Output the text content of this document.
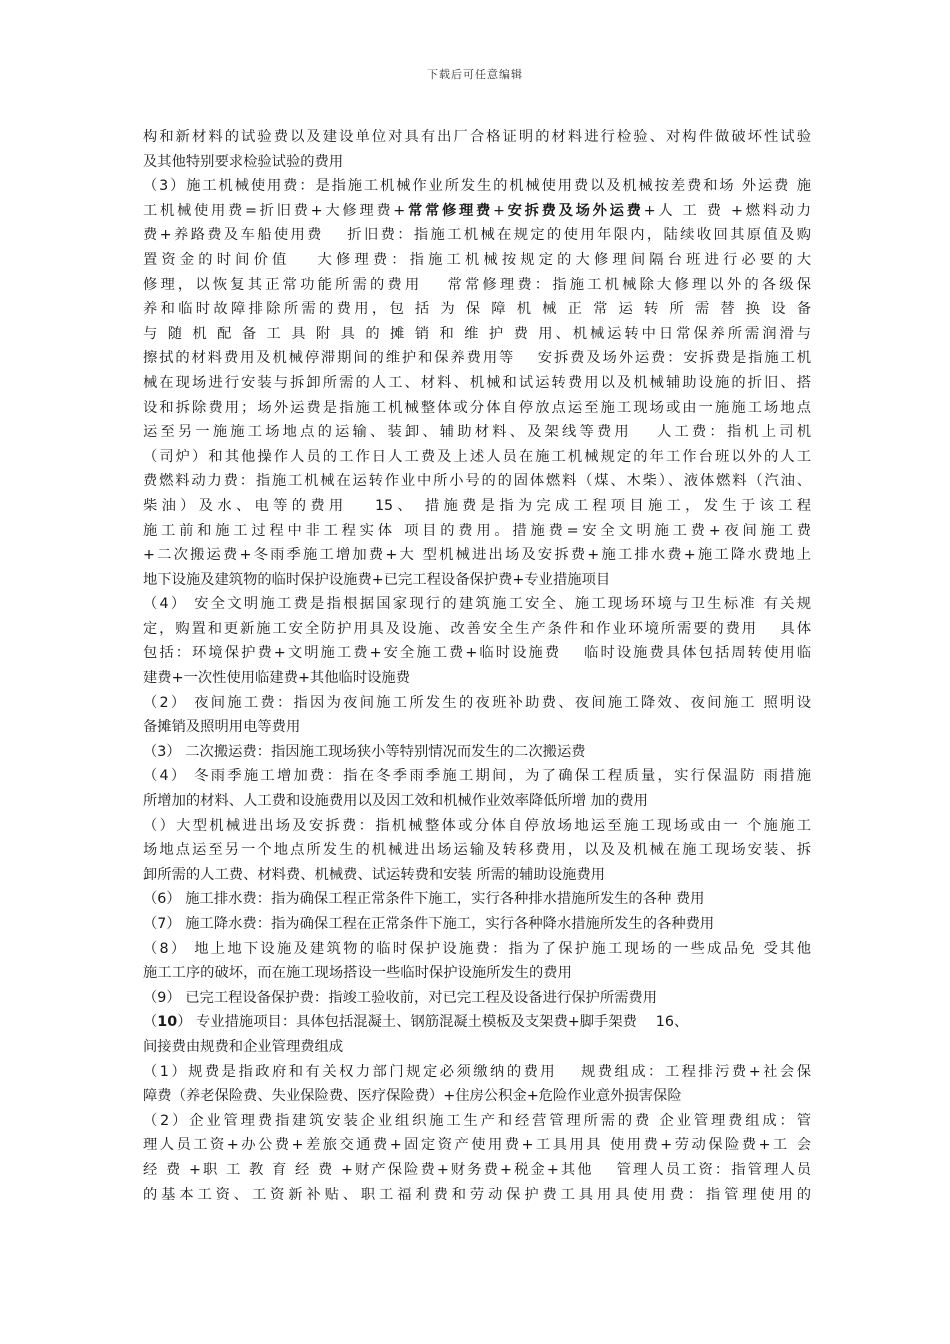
下载后可任意编辑
构和新材料的试验费以及建设单位对具有出厂合格证明的材料进行检验、对构件做破坏性试验
及其他特别要求检验试验的费用
（3）施工机械使用费：是指施工机械作业所发生的机械使用费以及机械按差费和场 外运费 施
工机械使用费=折旧费+大修理费+常常修理费+安拆费及场外运费+人 工 费 +燃料动力
费+养路费及车船使用费 　折旧费：指施工机械在规定的使用年限内，陆续收回其原值及购
置资金的时间价值 　大修理费：指施工机械按规定的大修理间隔台班进行必要的大
修理，以恢复其正常功能所需的费用 　常常修理费：指施工机械除大修理以外的各级保
养和临时故障排除所需的费用，包 括 为 保 障 机 械 正 常 运 转 所 需 替 换 设 备
与 随 机 配 备 工 具 附 具 的 摊 销 和 维 护 费 用、机械运转中日常保养所需润滑与
擦拭的材料费用及机械停滞期间的维护和保养费用等 　安拆费及场外运费：安拆费是指施工机
械在现场进行安装与拆卸所需的人工、材料、机械和试运转费用以及机械辅助设施的折旧、搭
设和拆除费用；场外运费是指施工机械整体或分体自停放点运至施工现场或由一施施工场地点
运至另一施施工场地点的运输、装卸、辅助材料、及架线等费用 　人工费：指机上司机
（司炉）和其他操作人员的工作日人工费及上述人员在施工机械规定的年工作台班以外的人工
费燃料动力费：指施工机械在运转作业中所小号的的固体燃料（煤、木柴）、液体燃料（汽油、
柴油）及水、电等的费用 　15、 措施费是指为完成工程项目施工，发生于该工程
施工前和施工过程中非工程实体 项目的费用。措施费=安全文明施工费+夜间施工费
+二次搬运费+冬雨季施工增加费+大 型机械进出场及安拆费+施工排水费+施工降水费地上
地下设施及建筑物的临时保护设施费+已完工程设备保护费+专业措施项目
（4） 安全文明施工费是指根据国家现行的建筑施工安全、施工现场环境与卫生标准 有关规
定，购置和更新施工安全防护用具及设施、改善安全生产条件和作业环境所需要的费用 　具体
包括：环境保护费+文明施工费+安全施工费+临时设施费 　临时设施费具体包括周转使用临
建费+一次性使用临建费+其他临时设施费
（2） 夜间施工费：指因为夜间施工所发生的夜班补助费、夜间施工降效、夜间施工 照明设
备摊销及照明用电等费用
（3） 二次搬运费：指因施工现场狭小等特别情况而发生的二次搬运费
（4） 冬雨季施工增加费：指在冬季雨季施工期间，为了确保工程质量，实行保温防 雨措施
所增加的材料、人工费和设施费用以及因工效和机械作业效率降低所增 加的费用
（）大型机械进出场及安拆费：指机械整体或分体自停放场地运至施工现场或由一 个施施工
场地点运至另一个地点所发生的机械进出场运输及转移费用，以及及机械在施工现场安装、拆
卸所需的人工费、材料费、机械费、试运转费和安装 所需的辅助设施费用
（6） 施工排水费：指为确保工程正常条件下施工，实行各种排水措施所发生的各种 费用
（7） 施工降水费：指为确保工程在正常条件下施工，实行各种降水措施所发生的各种费用
（8） 地上地下设施及建筑物的临时保护设施费：指为了保护施工现场的一些成品免 受其他
施工工序的破坏，而在施工现场搭设一些临时保护设施所发生的费用
（9） 已完工程设备保护费：指竣工验收前，对已完工程及设备进行保护所需费用
（10） 专业措施项目：具体包括混凝土、钢筋混凝土模板及支架费+脚手架费 　16、
间接费由规费和企业管理费组成
（1）规费是指政府和有关权力部门规定必须缴纳的费用 　规费组成：工程排污费+社会保
障费（养老保险费、失业保险费、医疗保险费）+住房公积金+危险作业意外损害保险
（2）企业管理费指建筑安装企业组织施工生产和经营管理所需的费 企业管理费组成：管
理人员工资+办公费+差旅交通费+固定资产使用费+工具用具 使用费+劳动保险费+工 会
经 费 +职 工 教 育 经 费 +财产保险费+财务费+税金+其他 　管理人员工资：指管理人员
的基本工资、工资新补贴、职工福利费和劳动保护费工具用具使用费：指管理使用的
